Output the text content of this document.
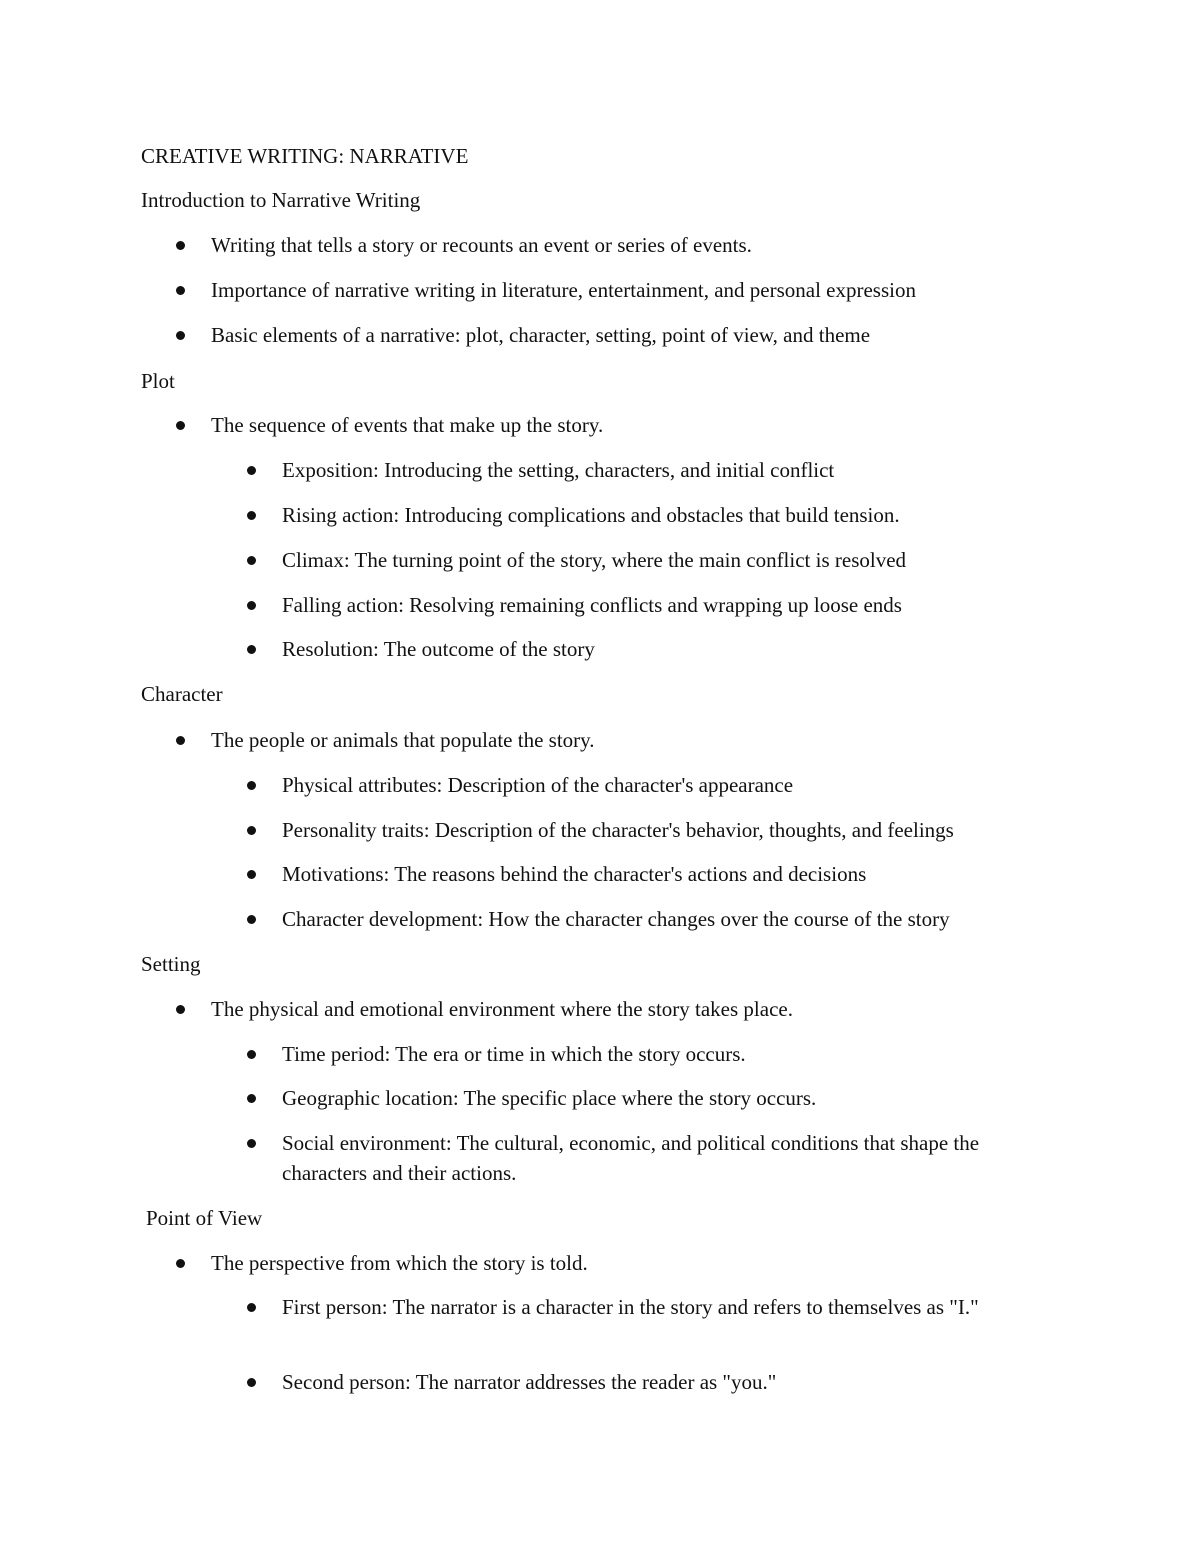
CREATIVE WRITING: NARRATIVE
Introduction to Narrative Writing
Writing that tells a story or recounts an event or series of events.
Importance of narrative writing in literature, entertainment, and personal expression
Basic elements of a narrative: plot, character, setting, point of view, and theme
Plot
The sequence of events that make up the story.
Exposition: Introducing the setting, characters, and initial conflict
Rising action: Introducing complications and obstacles that build tension.
Climax: The turning point of the story, where the main conflict is resolved
Falling action: Resolving remaining conflicts and wrapping up loose ends
Resolution: The outcome of the story
Character
The people or animals that populate the story.
Physical attributes: Description of the character's appearance
Personality traits: Description of the character's behavior, thoughts, and feelings
Motivations: The reasons behind the character's actions and decisions
Character development: How the character changes over the course of the story
Setting
The physical and emotional environment where the story takes place.
Time period: The era or time in which the story occurs.
Geographic location: The specific place where the story occurs.
Social environment: The cultural, economic, and political conditions that shape the characters and their actions.
Point of View
The perspective from which the story is told.
First person: The narrator is a character in the story and refers to themselves as "I."
Second person: The narrator addresses the reader as "you."
